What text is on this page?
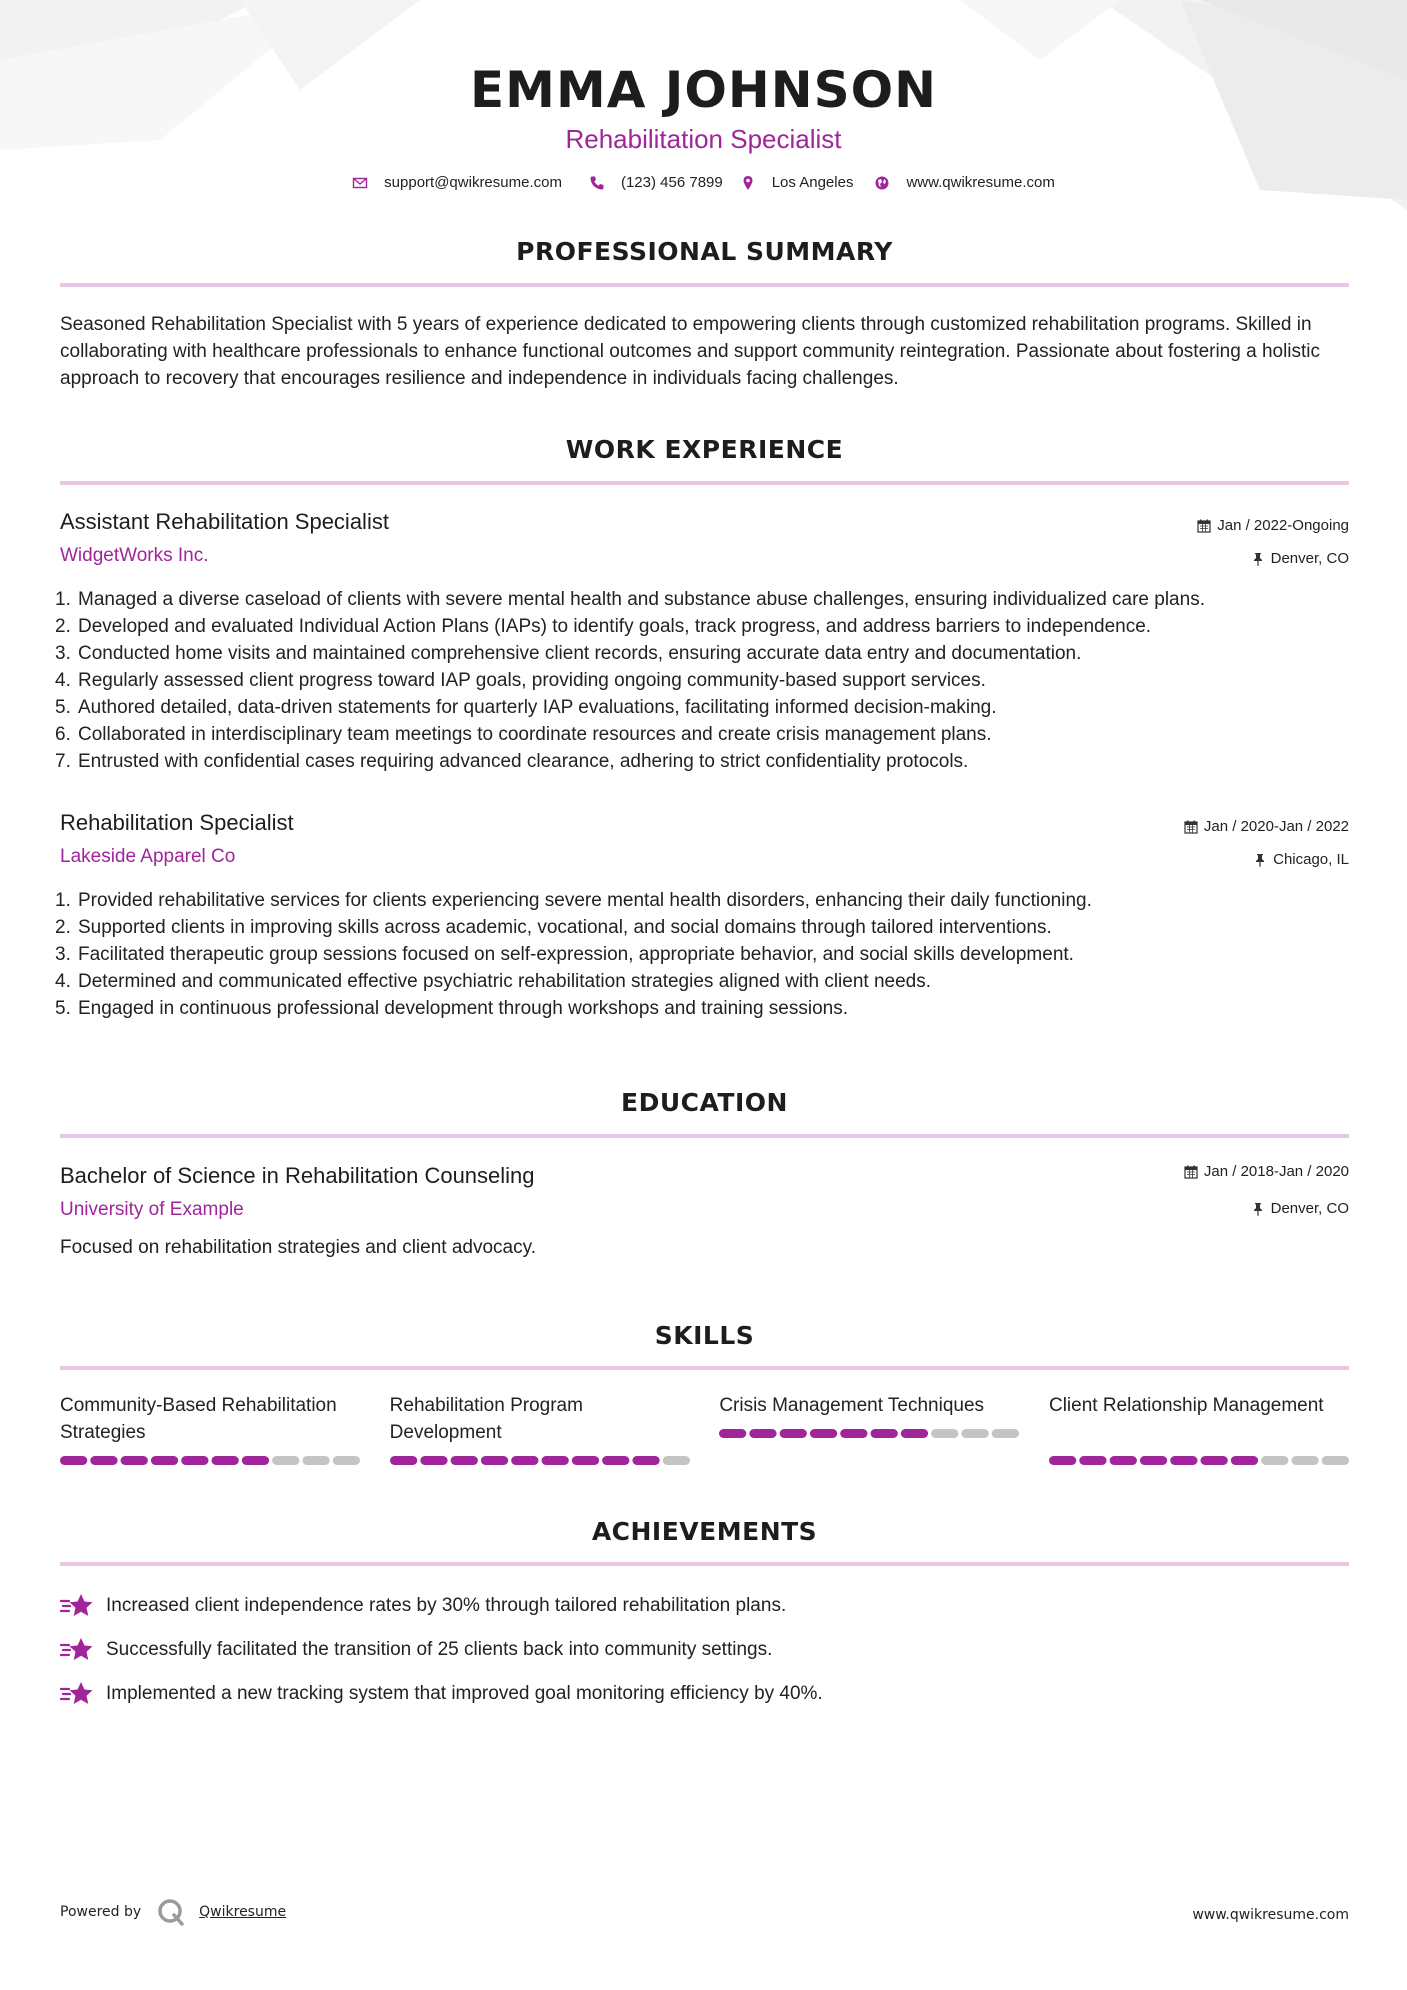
EMMA JOHNSON
Rehabilitation Specialist
support@qwikresume.com	(123) 456 7899	Los Angeles	www.qwikresume.com
PROFESSIONAL SUMMARY
Seasoned Rehabilitation Specialist with 5 years of experience dedicated to empowering clients through customized rehabilitation programs. Skilled in collaborating with healthcare professionals to enhance functional outcomes and support community reintegration. Passionate about fostering a holistic approach to recovery that encourages resilience and independence in individuals facing challenges.
WORK EXPERIENCE
Assistant Rehabilitation Specialist
WidgetWorks Inc.
Jan / 2022-Ongoing
Denver, CO
1. Managed a diverse caseload of clients with severe mental health and substance abuse challenges, ensuring individualized care plans.
2. Developed and evaluated Individual Action Plans (IAPs) to identify goals, track progress, and address barriers to independence.
3. Conducted home visits and maintained comprehensive client records, ensuring accurate data entry and documentation.
4. Regularly assessed client progress toward IAP goals, providing ongoing community-based support services.
5. Authored detailed, data-driven statements for quarterly IAP evaluations, facilitating informed decision-making.
6. Collaborated in interdisciplinary team meetings to coordinate resources and create crisis management plans.
7. Entrusted with confidential cases requiring advanced clearance, adhering to strict confidentiality protocols.
Rehabilitation Specialist
Lakeside Apparel Co
Jan / 2020-Jan / 2022
Chicago, IL
1. Provided rehabilitative services for clients experiencing severe mental health disorders, enhancing their daily functioning.
2. Supported clients in improving skills across academic, vocational, and social domains through tailored interventions.
3. Facilitated therapeutic group sessions focused on self-expression, appropriate behavior, and social skills development.
4. Determined and communicated effective psychiatric rehabilitation strategies aligned with client needs.
5. Engaged in continuous professional development through workshops and training sessions.
EDUCATION
Bachelor of Science in Rehabilitation Counseling
University of Example
Jan / 2018-Jan / 2020
Denver, CO
Focused on rehabilitation strategies and client advocacy.
SKILLS
Community-Based Rehabilitation Strategies
Rehabilitation Program Development
Crisis Management Techniques	Client Relationship Management
ACHIEVEMENTS
Increased client independence rates by 30% through tailored rehabilitation plans.
Successfully facilitated the transition of 25 clients back into community settings.
Implemented a new tracking system that improved goal monitoring efficiency by 40%.
Powered by	Qwikresume	www.qwikresume.com
